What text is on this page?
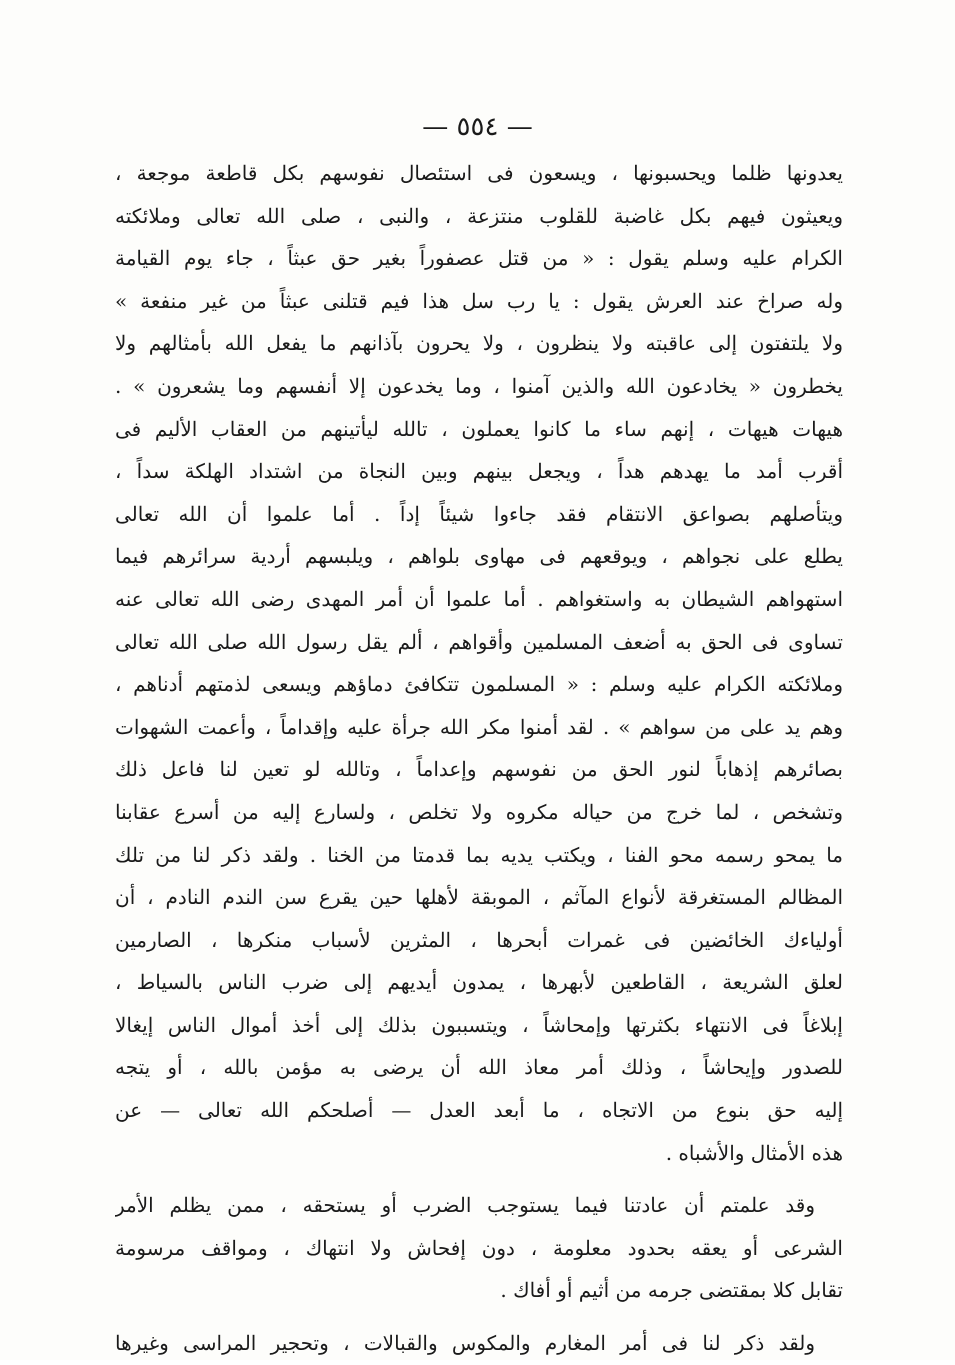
— ٥٥٤ —

يعدونها ظلما ويحسبونها ، ويسعون فى استئصال نفوسهم بكل قاطعة موجعة ،
ويعيثون فيهم بكل غاضبة للقلوب منتزعة ، والنبى ، صلى الله تعالى وملائكته
الكرام عليه وسلم يقول : « من قتل عصفوراً بغير حق عبثاً ، جاء يوم القيامة
وله صراخ عند العرش يقول : يا رب سل هذا فيم قتلنى عبثاً من غير منفعة »
ولا يلتفتون إلى عاقبته ولا ينظرون ، ولا يحرون بآذانهم ما يفعل الله بأمثالهم ولا
يخطرون « يخادعون الله والذين آمنوا ، وما يخدعون إلا أنفسهم وما يشعرون » .
هيهات هيهات ، إنهم ساء ما كانوا يعملون ، تالله ليأتينهم من العقاب الأليم فى
أقرب أمد ما يهدهم هداً ، ويجعل بينهم وبين النجاة من اشتداد الهلكة سداً ،
ويتأصلهم بصواعق الانتقام فقد جاءوا شيئاً إداً . أما علموا أن الله تعالى
يطلع على نجواهم ، ويوقعهم فى مهاوى بلواهم ، ويلبسهم أردية سرائرهم فيما
استهواهم الشيطان به واستغواهم . أما علموا أن أمر المهدى رضى الله تعالى عنه
تساوى فى الحق به أضعف المسلمين وأقواهم ، ألم يقل رسول الله صلى الله تعالى
وملائكته الكرام عليه وسلم : « المسلمون تتكافئ دماؤهم ويسعى لذمتهم أدناهم ،
وهم يد على من سواهم » . لقد أمنوا مكر الله جرأة عليه وإقداماً ، وأعمت الشهوات
بصائرهم إذهاباً لنور الحق من نفوسهم وإعداماً ، وتالله لو تعين لنا فاعل ذلك
وتشخص ، لما خرج من حياله مكروه ولا تخلص ، ولسارع إليه من أسرع عقابنا
ما يمحو رسمه محو الفنا ، ويكتب يديه بما قدمتا من الخنا . ولقد ذكر لنا من تلك
المظالم المستغرقة لأنواع المآثم ، الموبقة لأهلها حين يقرع سن الندم النادم ، أن
أولياءك الخائضين فى غمرات أبحرها ، المثرين لأسباب منكرها ، الصارمين
لعلق الشريعة ، القاطعين لأبهرها ، يمدون أيديهم إلى ضرب الناس بالسياط ،
إبلاغاً فى الانتهاء بكثرتها وإمحاشاً ، ويتسببون بذلك إلى أخذ أموال الناس إيغالا
للصدور وإيحاشاً ، وذلك أمر معاذ الله أن يرضى به مؤمن بالله ، أو يتجه
إليه حق بنوع من الاتجاه ، ما أبعد العدل — أصلحكم الله تعالى — عن
هذه الأمثال والأشباه .

وقد علمتم أن عادتنا فيما يستوجب الضرب أو يستحقه ، ممن يظلم الأمر
الشرعى أو يعقه بحدود معلومة ، دون إفحاش ولا انتهاك ، ومواقف مرسومة
تقابل كلا بمقتضى جرمه من أثيم أو أفاك .

ولقد ذكر لنا فى أمر المغارم والمكوس والقبالات ، وتحجير المراسى وغيرها
